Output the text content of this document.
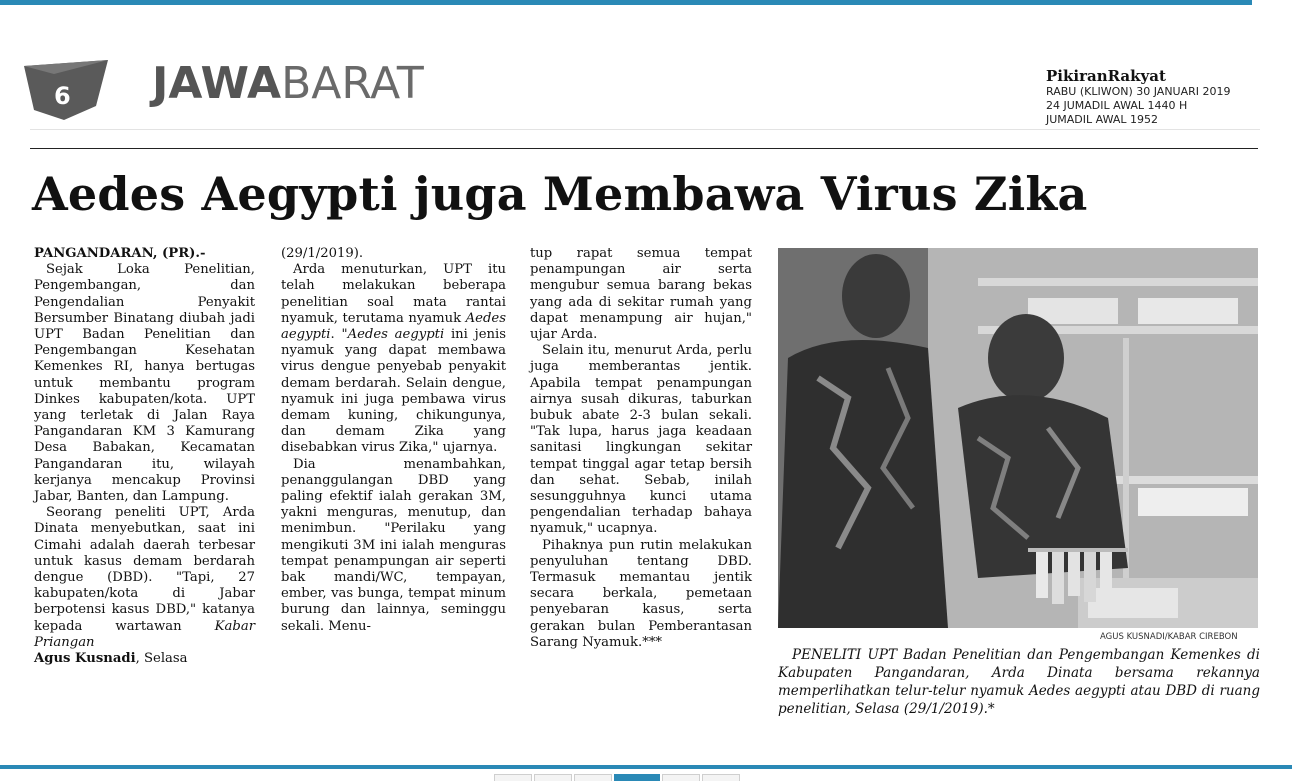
6 JAWABARAT	PikiranRakyat
RABU (KLIWON) 30 JANUARI 2019
24 JUMADIL AWAL 1440 H
JUMADIL AWAL 1952
Aedes Aegypti juga Membawa Virus Zika
PANGANDARAN, (PR).-

Sejak Loka Penelitian, Pengembangan, dan Pengendalian Penyakit Bersumber Binatang diubah jadi UPT Badan Penelitian dan Pengembangan Kesehatan Kemenkes RI, hanya bertugas untuk membantu program Dinkes kabupaten/kota. UPT yang terletak di Jalan Raya Pangandaran KM 3 Kamurang Desa Babakan, Kecamatan Pangandaran itu, wilayah kerjanya mencakup Provinsi Jabar, Banten, dan Lampung.

Seorang peneliti UPT, Arda Dinata menyebutkan, saat ini Cimahi adalah daerah terbesar untuk kasus demam berdarah dengue (DBD). "Tapi, 27 kabupaten/kota di Jabar berpotensi kasus DBD," katanya kepada wartawan Kabar Priangan
Agus Kusnadi, Selasa

(29/1/2019).

Arda menuturkan, UPT itu telah melakukan beberapa penelitian soal mata rantai nyamuk, terutama nyamuk Aedes aegypti. "Aedes aegypti ini jenis nyamuk yang dapat membawa virus dengue penyebab penyakit demam berdarah. Selain dengue, nyamuk ini juga pembawa virus demam kuning, chikungunya, dan demam Zika yang disebabkan virus Zika," ujarnya.

Dia menambahkan, penanggulangan DBD yang paling efektif ialah gerakan 3M, yakni menguras, menutup, dan menimbun. "Perilaku yang mengikuti 3M ini ialah menguras tempat penampungan air seperti bak mandi/WC, tempayan, ember, vas bunga, tempat minum burung dan lainnya, seminggu sekali. Menu-

tup rapat semua tempat penampungan air serta mengubur semua barang bekas yang ada di sekitar rumah yang dapat menampung air hujan," ujar Arda.

Selain itu, menurut Arda, perlu juga memberantas jentik. Apabila tempat penampungan airnya susah dikuras, taburkan bubuk abate 2-3 bulan sekali. "Tak lupa, harus jaga keadaan sanitasi lingkungan sekitar tempat tinggal agar tetap bersih dan sehat. Sebab, inilah sesungguhnya kunci utama pengendalian terhadap bahaya nyamuk," ucapnya.

Pihaknya pun rutin melakukan penyuluhan tentang DBD. Termasuk memantau jentik secara berkala, pemetaan penyebaran kasus, serta gerakan bulan Pemberantasan Sarang Nyamuk.***	AGUS KUSNADI/KABAR CIREBON
PENELITI UPT Badan Penelitian dan Pengembangan Kemenkes di Kabupaten Pangandaran, Arda Dinata bersama rekannya memperlihatkan telur-telur nyamuk Aedes aegypti atau DBD di ruang penelitian, Selasa (29/1/2019).*
